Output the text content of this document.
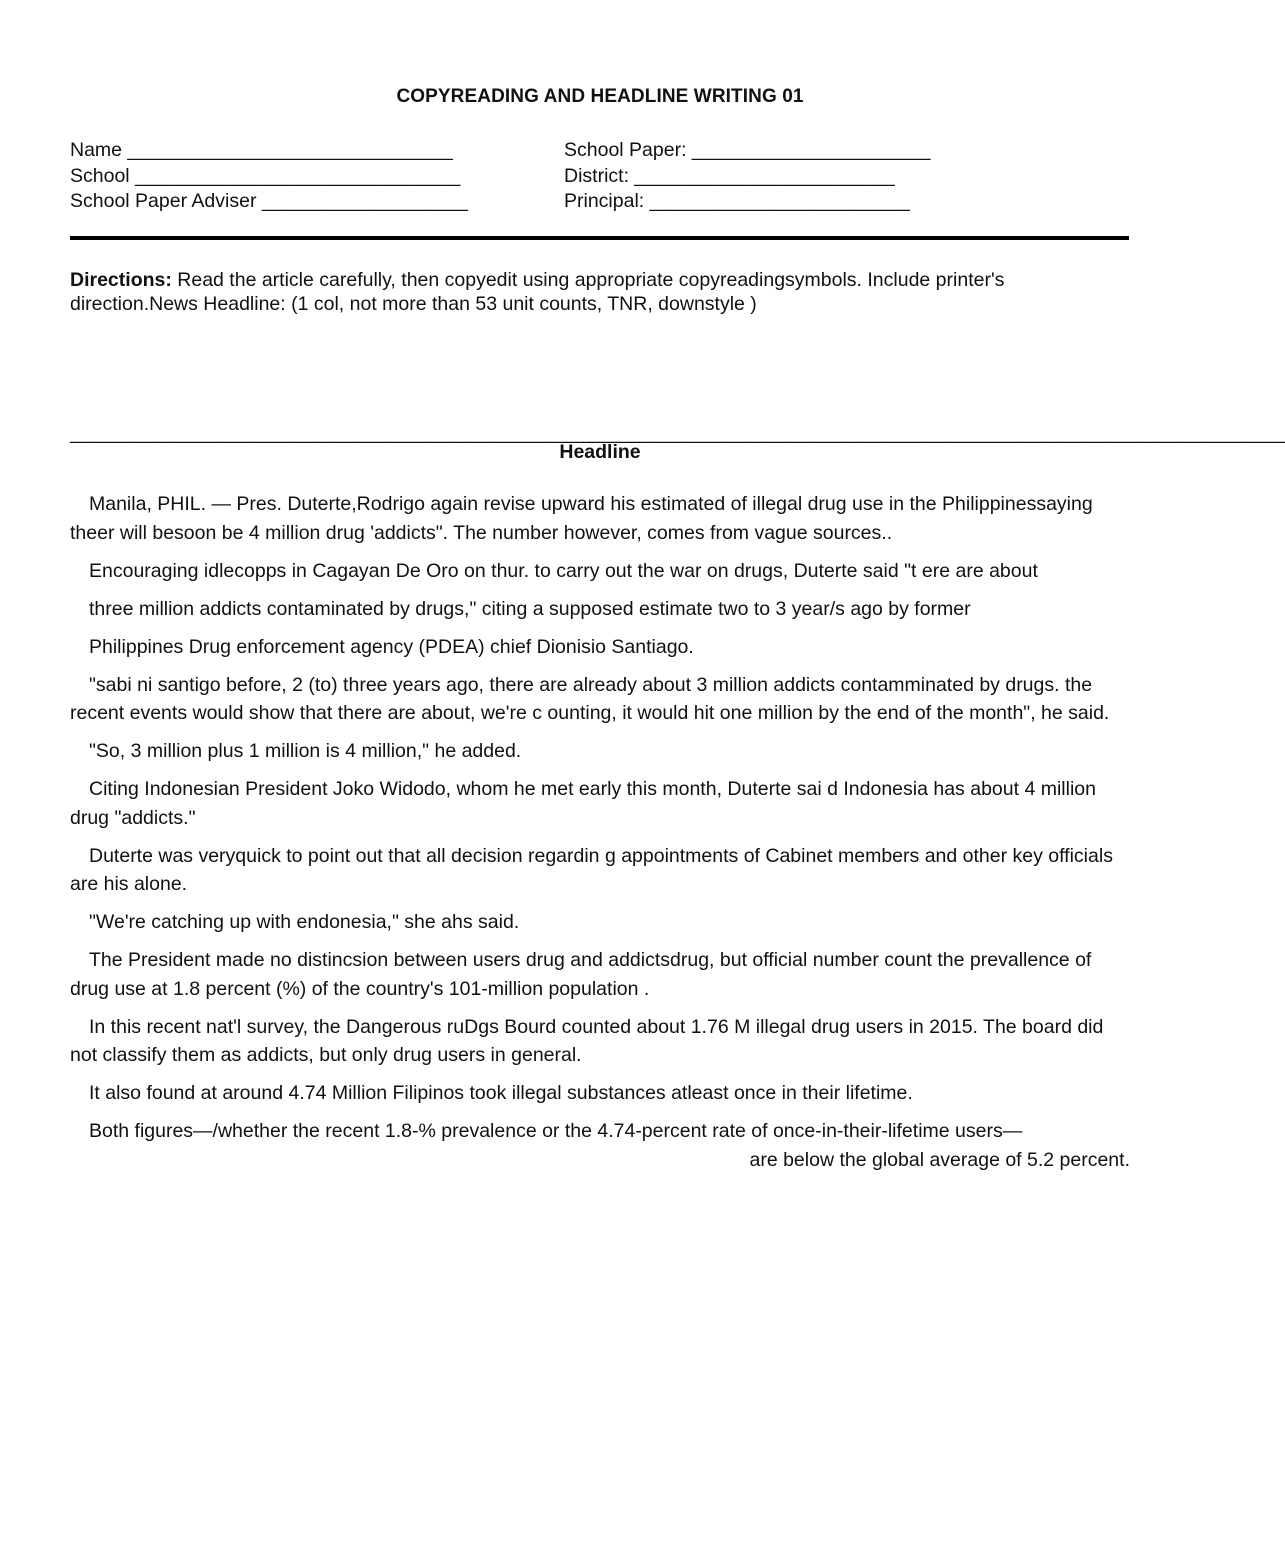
COPYREADING AND HEADLINE WRITING 01
Name ______________________________
School ______________________________
School Paper Adviser ___________________
School Paper: ______________________
District: ________________________
Principal: ________________________
Directions: Read the article carefully, then copyedit using appropriate copyreadingsymbols. Include printer's direction.News Headline: (1 col, not more than 53 unit counts, TNR, downstyle )
___________________________________________________________________________________________________________________
Headline

Manila, PHIL. — Pres. Duterte,Rodrigo again revise upward his estimated of illegal drug use in the Philippinessaying theer will besoon be 4 million drug 'addicts". The number however, comes from vague sources..

Encouraging idlecopps in Cagayan De Oro on thur. to carry out the war on drugs, Duterte said "t ere are about

three million addicts contaminated by drugs," citing a supposed estimate two to 3 year/s ago by former

Philippines Drug enforcement agency (PDEA) chief Dionisio Santiago.

"sabi ni santigo before, 2 (to) three years ago, there are already about 3 million addicts contamminated by drugs. the recent events would show that there are about, we're c ounting, it would hit one million by the end of the month", he said.

"So, 3 million plus 1 million is 4 million," he added.

Citing Indonesian President Joko Widodo, whom he met early this month, Duterte sai d Indonesia has about 4 million drug "addicts."

Duterte was veryquick to point out that all decision regardin g appointments of Cabinet members and other key officials are his alone.

"We're catching up with endonesia," she ahs said.

The President made no distincsion between users drug and addictsdrug, but official number count the prevallence of drug use at 1.8 percent (%) of the country's 101-million population .

In this recent nat'l survey, the Dangerous ruDgs Bourd counted about 1.76 M illegal drug users in 2015. The board did not classify them as addicts, but only drug users in general.

It also found at around 4.74 Million Filipinos took illegal substances atleast once in their lifetime.

Both figures—/whether the recent 1.8-% prevalence or the 4.74-percent rate of once-in-their-lifetime users—
are below the global average of 5.2 percent.
